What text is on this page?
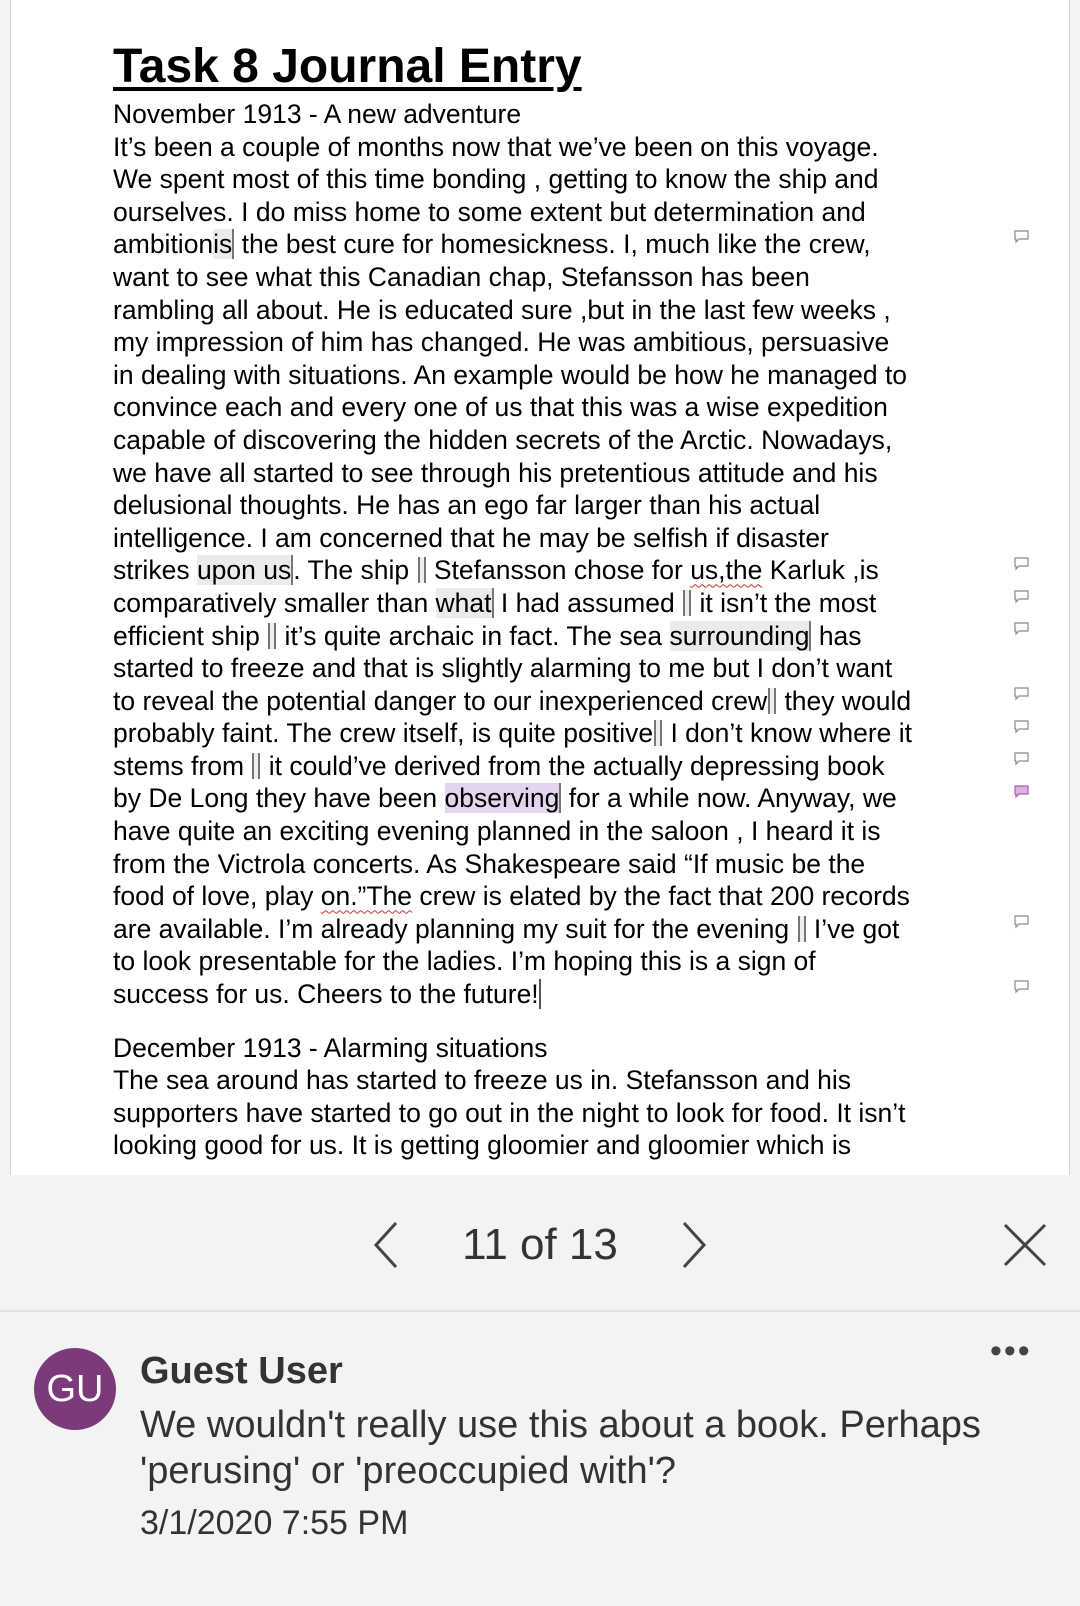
Task 8 Journal Entry
November 1913 - A new adventure
It’s been a couple of months now that we’ve been on this voyage.
We spent most of this time bonding , getting to know the ship and
ourselves. I do miss home to some extent but determination and
ambitionis the best cure for homesickness. I, much like the crew,
want to see what this Canadian chap, Stefansson has been
rambling all about. He is educated sure ,but in the last few weeks ,
my impression of him has changed. He was ambitious, persuasive
in dealing with situations. An example would be how he managed to
convince each and every one of us that this was a wise expedition
capable of discovering the hidden secrets of the Arctic. Nowadays,
we have all started to see through his pretentious attitude and his
delusional thoughts. He has an ego far larger than his actual
intelligence. I am concerned that he may be selfish if disaster
strikes upon us. The ship  Stefansson chose for us,the Karluk ,is
comparatively smaller than what I had assumed  it isn’t the most
efficient ship  it’s quite archaic in fact. The sea surrounding has
started to freeze and that is slightly alarming to me but I don’t want
to reveal the potential danger to our inexperienced crew they would
probably faint. The crew itself, is quite positive I don’t know where it
stems from  it could’ve derived from the actually depressing book
by De Long they have been observing for a while now. Anyway, we
have quite an exciting evening planned in the saloon , I heard it is
from the Victrola concerts. As Shakespeare said “If music be the
food of love, play on.”The crew is elated by the fact that 200 records
are available. I’m already planning my suit for the evening  I’ve got
to look presentable for the ladies. I’m hoping this is a sign of
success for us. Cheers to the future!
December 1913 - Alarming situations
The sea around has started to freeze us in. Stefansson and his
supporters have started to go out in the night to look for food. It isn’t
looking good for us. It is getting gloomier and gloomier which is
11 of 13
GU Guest User	•••
We wouldn't really use this about a book. Perhaps 'perusing' or 'preoccupied with'?
3/1/2020 7:55 PM
